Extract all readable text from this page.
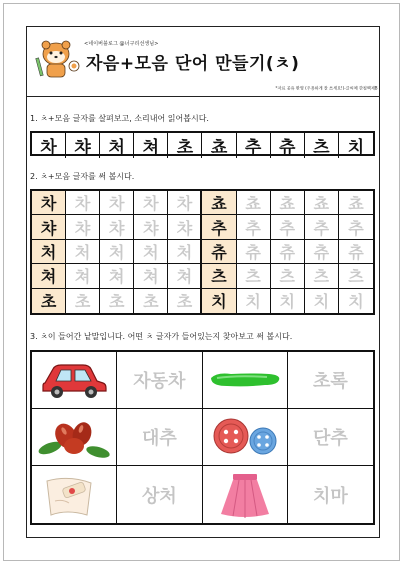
<네이버블로그 @너구리선생님>
자음+모음 단어 만들기(ㅊ)
*자료 공유 환영 (우용하게 잘 쓰세요!)-글씨체 한컴백제B
1. ㅊ+모음 글자를 살펴보고, 소리내어 읽어봅시다.
차	챠	처	쳐	초	쵸	추	츄	츠	치
2. ㅊ+모음 글자를 써 봅시다.
차	차	차	차	차	쵸	쵸	쵸	쵸	쵸
챠	챠	챠	챠	챠	추	추	추	추	추
처	처	처	처	처	츄	츄	츄	츄	츄
쳐	쳐	쳐	쳐	쳐	츠	츠	츠	츠	츠
초	초	초	초	초	치	치	치	치	치
3. ㅊ이 들어간 낱말입니다. 어떤 ㅊ 글자가 들어있는지 찾아보고 써 봅시다.
자동차	초록
대추	단추
상처	치마
